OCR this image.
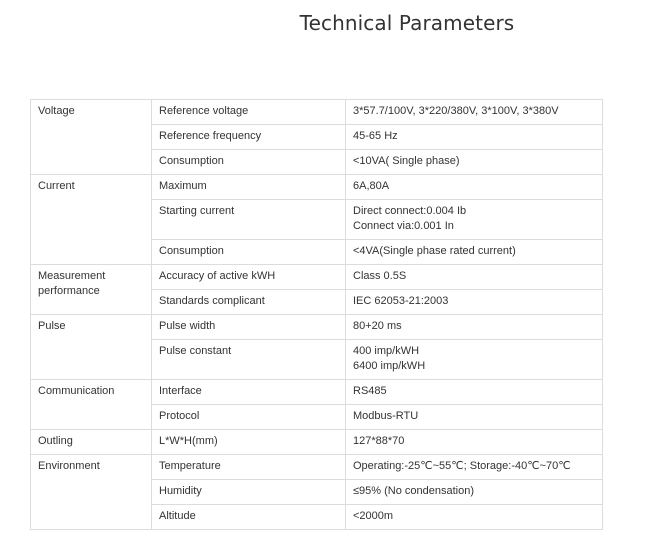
Technical Parameters
Voltage	Reference voltage	3*57.7/100V, 3*220/380V, 3*100V, 3*380V
	Reference frequency	45-65 Hz
	Consumption	<10VA( Single phase)
Current	Maximum	6A,80A
	Starting current	Direct connect:0.004 Ib
Connect via:0.001 In
	Consumption	<4VA(Single phase rated current)
Measurement performance	Accuracy of active kWH	Class 0.5S
	Standards complicant	IEC 62053-21:2003
Pulse	Pulse width	80+20 ms
	Pulse constant	400 imp/kWH
6400 imp/kWH
Communication	Interface	RS485
	Protocol	Modbus-RTU
Outling	L*W*H(mm)	127*88*70
Environment	Temperature	Operating:-25℃~55℃; Storage:-40℃~70℃
	Humidity	≤95% (No condensation)
	Altitude	<2000m
